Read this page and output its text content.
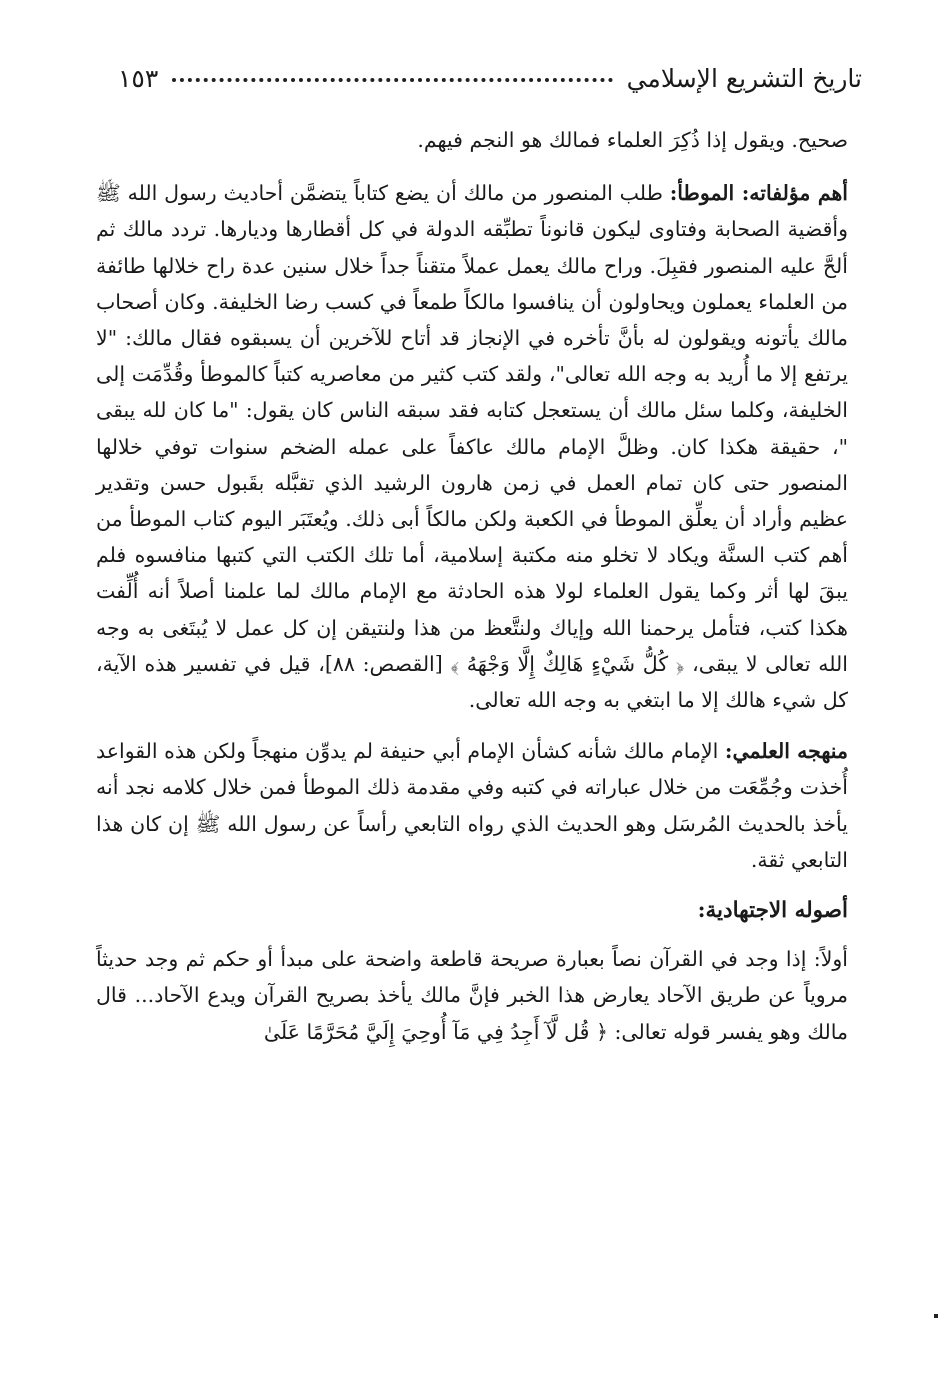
تاريخ التشريع الإسلامي
١٥٣

صحيح. ويقول إذا ذُكِرَ العلماء فمالك هو النجم فيهم.

أهم مؤلفاته: الموطأ: طلب المنصور من مالك أن يضع كتاباً يتضمَّن أحاديث رسول الله ﷺ وأقضية الصحابة وفتاوى ليكون قانوناً تطبِّقه الدولة في كل أقطارها وديارها. تردد مالك ثم ألحَّ عليه المنصور فقبِلَ. وراح مالك يعمل عملاً متقناً جداً خلال سنين عدة راح خلالها طائفة من العلماء يعملون ويحاولون أن ينافسوا مالكاً طمعاً في كسب رضا الخليفة. وكان أصحاب مالك يأتونه ويقولون له بأنَّ تأخره في الإنجاز قد أتاح للآخرين أن يسبقوه فقال مالك: "لا يرتفع إلا ما أُريد به وجه الله تعالى"، ولقد كتب كثير من معاصريه كتباً كالموطأ وقُدِّمَت إلى الخليفة، وكلما سئل مالك أن يستعجل كتابه فقد سبقه الناس كان يقول: "ما كان لله يبقى "، حقيقة هكذا كان. وظلَّ الإمام مالك عاكفاً على عمله الضخم سنوات توفي خلالها المنصور حتى كان تمام العمل في زمن هارون الرشيد الذي تقبَّله بقَبول حسن وتقدير عظيم وأراد أن يعلِّق الموطأ في الكعبة ولكن مالكاً أبى ذلك. ويُعتَبَر اليوم كتاب الموطأ من أهم كتب السنَّة ويكاد لا تخلو منه مكتبة إسلامية، أما تلك الكتب التي كتبها منافسوه فلم يبقَ لها أثر وكما يقول العلماء لولا هذه الحادثة مع الإمام مالك لما علمنا أصلاً أنه أُلِّفت هكذا كتب، فتأمل يرحمنا الله وإياك ولنتَّعظ من هذا ولنتيقن إن كل عمل لا يُبتَغى به وجه الله تعالى لا يبقى، ﴿ كُلُّ شَيْءٍ هَالِكٌ إِلَّا وَجْهَهُ ﴾ [القصص: ٨٨]، قيل في تفسير هذه الآية، كل شيء هالك إلا ما ابتغي به وجه الله تعالى.

منهجه العلمي: الإمام مالك شأنه كشأن الإمام أبي حنيفة لم يدوِّن منهجاً ولكن هذه القواعد أُخذت وجُمِّعَت من خلال عباراته في كتبه وفي مقدمة ذلك الموطأ فمن خلال كلامه نجد أنه يأخذ بالحديث المُرسَل وهو الحديث الذي رواه التابعي رأساً عن رسول الله ﷺ إن كان هذا التابعي ثقة.

أصوله الاجتهادية:

أولاً: إذا وجد في القرآن نصاً بعبارة صريحة قاطعة واضحة على مبدأ أو حكم ثم وجد حديثاً مروياً عن طريق الآحاد يعارض هذا الخبر فإنَّ مالك يأخذ بصريح القرآن ويدع الآحاد... قال مالك وهو يفسر قوله تعالى: ﴿ قُل لَّآ أَجِدُ فِي مَآ أُوحِيَ إِلَيَّ مُحَرَّمًا عَلَىٰ
